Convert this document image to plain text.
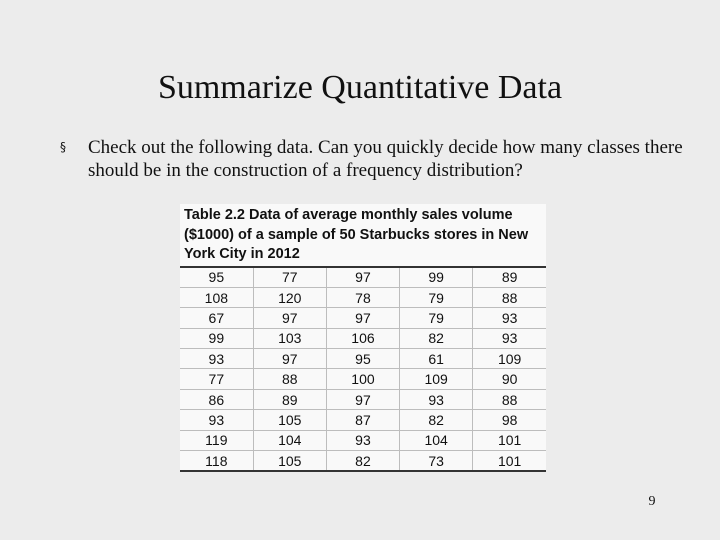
Summarize Quantitative Data
§	Check out the following data. Can you quickly decide how many classes there should be in the construction of a frequency distribution?
Table 2.2 Data of average monthly sales volume ($1000) of a sample of 50 Starbucks stores in New York City in 2012
95	77	97	99	89
108	120	78	79	88
67	97	97	79	93
99	103	106	82	93
93	97	95	61	109
77	88	100	109	90
86	89	97	93	88
93	105	87	82	98
119	104	93	104	101
118	105	82	73	101
9
